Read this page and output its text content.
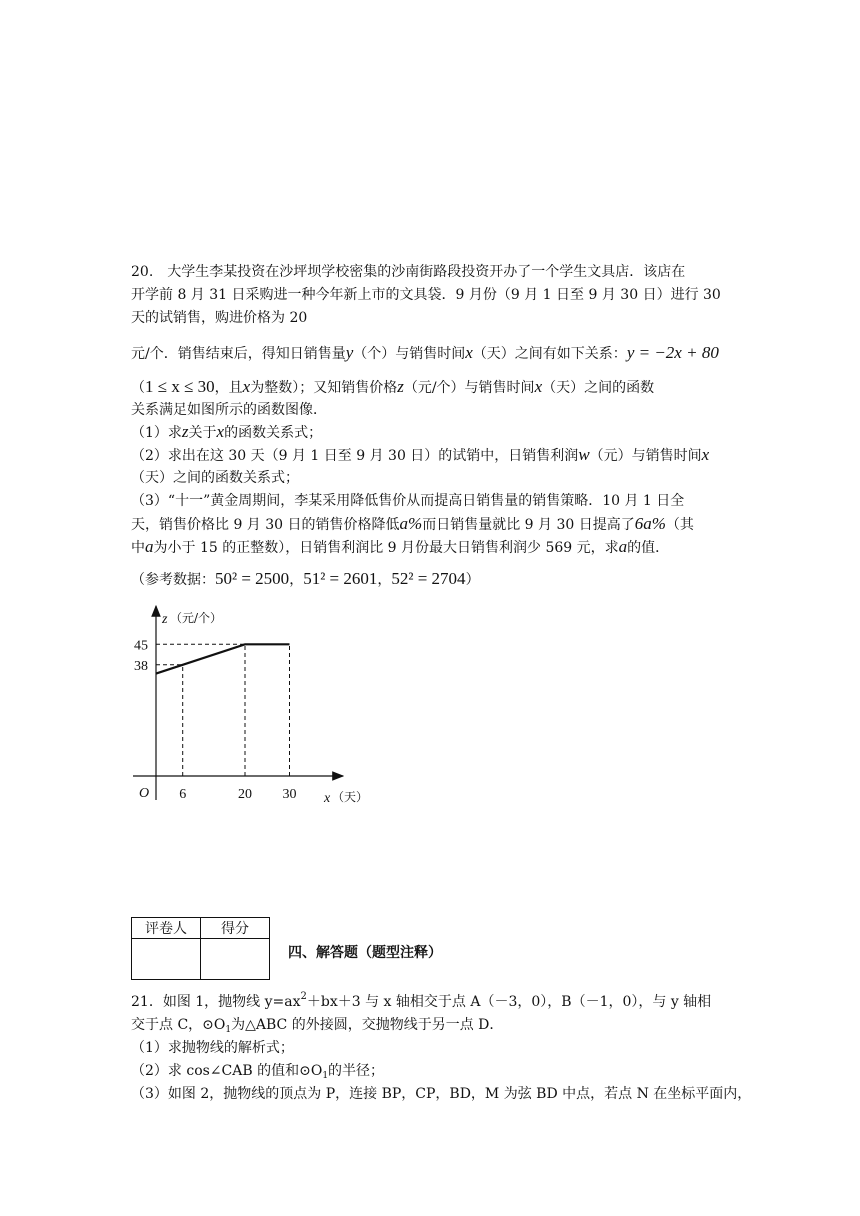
20.　大学生李某投资在沙坪坝学校密集的沙南街路段投资开办了一个学生文具店．该店在
开学前 8 月 31 日采购进一种今年新上市的文具袋．9 月份（9 月 1 日至 9 月 30 日）进行 30
天的试销售，购进价格为 20
元/个．销售结束后，得知日销售量y（个）与销售时间x（天）之间有如下关系：y = −2x + 80
（1 ≤ x ≤ 30，且x为整数）；又知销售价格z（元/个）与销售时间x（天）之间的函数
关系满足如图所示的函数图像．
（1）求z关于x的函数关系式；
（2）求出在这 30 天（9 月 1 日至 9 月 30 日）的试销中，日销售利润w（元）与销售时间x
（天）之间的函数关系式；
（3）“十一”黄金周期间，李某采用降低售价从而提高日销售量的销售策略．10 月 1 日全
天，销售价格比 9 月 30 日的销售价格降低a%而日销售量就比 9 月 30 日提高了6a%（其
中a为小于 15 的正整数），日销售利润比 9 月份最大日销售利润少 569 元，求a的值．
（参考数据：50² = 2500，51² = 2601，52² = 2704）
6	20 30
38
45
z （元/个）
O	x （天）
评卷人	得分

四、解答题（题型注释）
21．如图 1，抛物线 $y=ax^2+bx+3$ 与 x 轴相交于点 A（－3，0），B（－1，0），与 y 轴相
交于点 C，$⊙O_1$为△ABC 的外接圆，交抛物线于另一点 D．
（1）求抛物线的解析式；
（2）求 cos∠CAB 的值和$⊙O_1$的半径；
（3）如图 2，抛物线的顶点为 P，连接 BP，CP，BD，M 为弦 BD 中点，若点 N 在坐标平面内，
